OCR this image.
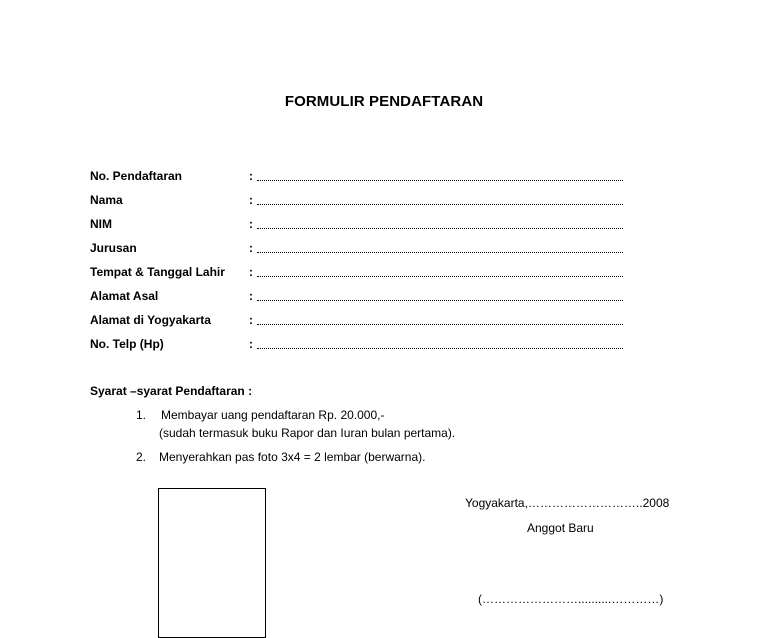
FORMULIR PENDAFTARAN
No. Pendaftaran	:
Nama	:
NIM	:
Jurusan	:
Tempat & Tanggal Lahir :
Alamat Asal	:
Alamat di Yogyakarta	:
No. Telp (Hp)	:
Syarat –syarat Pendaftaran :
1. Membayar uang pendaftaran Rp. 20.000,-
(sudah termasuk buku Rapor dan Iuran bulan pertama).
2. Menyerahkan pas foto 3x4 = 2 lembar (berwarna).
Yogyakarta,………………………..2008
Anggot Baru
(……………………..........…………)
